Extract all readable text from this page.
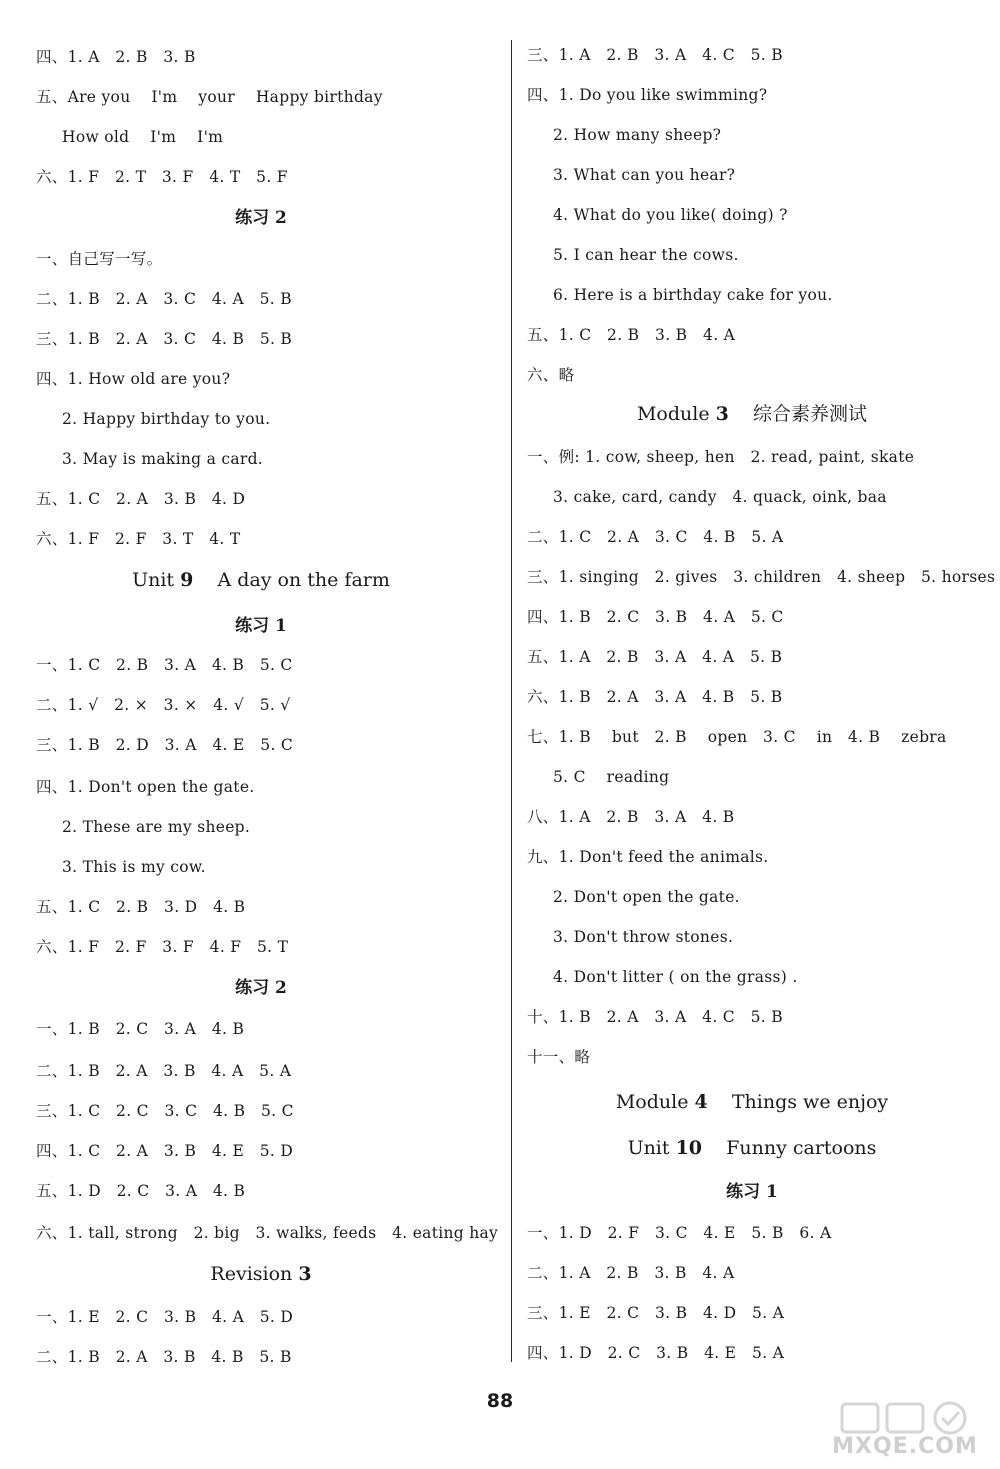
四、1. A   2. B   3. B
五、Are you    I'm    your    Happy birthday
How old    I'm    I'm
六、1. F   2. T   3. F   4. T   5. F
练习 2
一、自己写一写。
二、1. B   2. A   3. C   4. A   5. B
三、1. B   2. A   3. C   4. B   5. B
四、1. How old are you?
2. Happy birthday to you.
3. May is making a card.
五、1. C   2. A   3. B   4. D
六、1. F   2. F   3. T   4. T
Unit 9    A day on the farm
练习 1
一、1. C   2. B   3. A   4. B   5. C
二、1. √   2. ×   3. ×   4. √   5. √
三、1. B   2. D   3. A   4. E   5. C
四、1. Don't open the gate.
2. These are my sheep.
3. This is my cow.
五、1. C   2. B   3. D   4. B
六、1. F   2. F   3. F   4. F   5. T
练习 2
一、1. B   2. C   3. A   4. B
二、1. B   2. A   3. B   4. A   5. A
三、1. C   2. C   3. C   4. B   5. C
四、1. C   2. A   3. B   4. E   5. D
五、1. D   2. C   3. A   4. B
六、1. tall, strong   2. big   3. walks, feeds   4. eating hay
Revision 3
一、1. E   2. C   3. B   4. A   5. D
二、1. B   2. A   3. B   4. B   5. B
三、1. A   2. B   3. A   4. C   5. B
四、1. Do you like swimming?
2. How many sheep?
3. What can you hear?
4. What do you like( doing) ?
5. I can hear the cows.
6. Here is a birthday cake for you.
五、1. C   2. B   3. B   4. A
六、略
Module 3    综合素养测试
一、例: 1. cow, sheep, hen   2. read, paint, skate
3. cake, card, candy   4. quack, oink, baa
二、1. C   2. A   3. C   4. B   5. A
三、1. singing   2. gives   3. children   4. sheep   5. horses
四、1. B   2. C   3. B   4. A   5. C
五、1. A   2. B   3. A   4. A   5. B
六、1. B   2. A   3. A   4. B   5. B
七、1. B    but   2. B    open   3. C    in   4. B    zebra
5. C    reading
八、1. A   2. B   3. A   4. B
九、1. Don't feed the animals.
2. Don't open the gate.
3. Don't throw stones.
4. Don't litter ( on the grass) .
十、1. B   2. A   3. A   4. C   5. B
十一、略
Module 4    Things we enjoy
Unit 10    Funny cartoons
练习 1
一、1. D   2. F   3. C   4. E   5. B   6. A
二、1. A   2. B   3. B   4. A
三、1. E   2. C   3. B   4. D   5. A
四、1. D   2. C   3. B   4. E   5. A
88
MXQE.COM
